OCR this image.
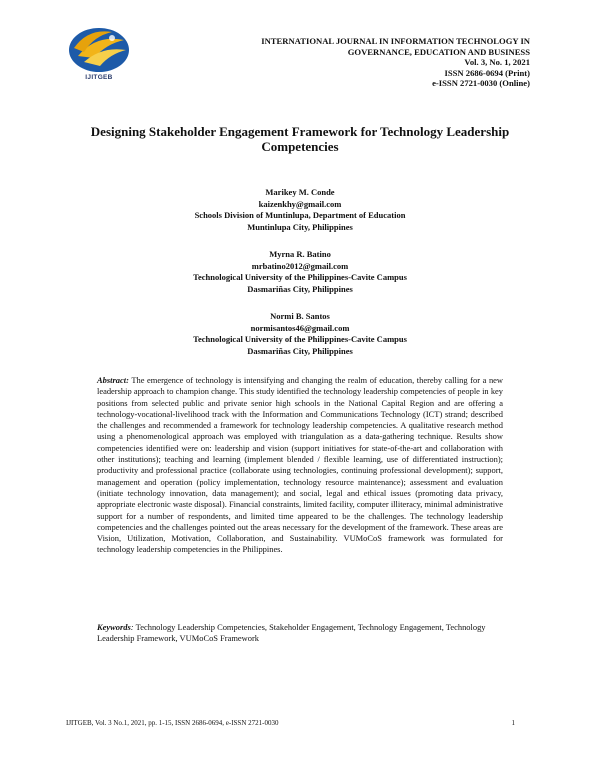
IJITGEB
INTERNATIONAL JOURNAL IN INFORMATION TECHNOLOGY IN
GOVERNANCE, EDUCATION AND BUSINESS
Vol. 3, No. 1, 2021
ISSN 2686-0694 (Print)
e-ISSN 2721-0030 (Online)
Designing Stakeholder Engagement Framework for Technology Leadership
Competencies
Marikey M. Conde
kaizenkhy@gmail.com
Schools Division of Muntinlupa, Department of Education
Muntinlupa City, Philippines
Myrna R. Batino
mrbatino2012@gmail.com
Technological University of the Philippines-Cavite Campus
Dasmariñas City, Philippines
Normi B. Santos
normisantos46@gmail.com
Technological University of the Philippines-Cavite Campus
Dasmariñas City, Philippines
Abstract: The emergence of technology is intensifying and changing the realm of education, thereby calling for a new leadership approach to champion change. This study identified the technology leadership competencies of people in key positions from selected public and private senior high schools in the National Capital Region and are offering a technology-vocational-livelihood track with the Information and Communications Technology (ICT) strand; described the challenges and recommended a framework for technology leadership competencies. A qualitative research method using a phenomenological approach was employed with triangulation as a data-gathering technique. Results show competencies identified were on: leadership and vision (support initiatives for state-of-the-art and collaboration with other institutions); teaching and learning (implement blended / flexible learning, use of differentiated instruction); productivity and professional practice (collaborate using technologies, continuing professional development); support, management and operation (policy implementation, technology resource maintenance); assessment and evaluation (initiate technology innovation, data management); and social, legal and ethical issues (promoting data privacy, appropriate electronic waste disposal). Financial constraints, limited facility, computer illiteracy, minimal administrative support for a number of respondents, and limited time appeared to be the challenges. The technology leadership competencies and the challenges pointed out the areas necessary for the development of the framework. These areas are Vision, Utilization, Motivation, Collaboration, and Sustainability. VUMoCoS framework was formulated for technology leadership competencies in the Philippines.
Keywords: Technology Leadership Competencies, Stakeholder Engagement, Technology Engagement, Technology Leadership Framework, VUMoCoS Framework
IJITGEB, Vol. 3 No.1, 2021, pp. 1-15, ISSN 2686-0694, e-ISSN 2721-0030	1
